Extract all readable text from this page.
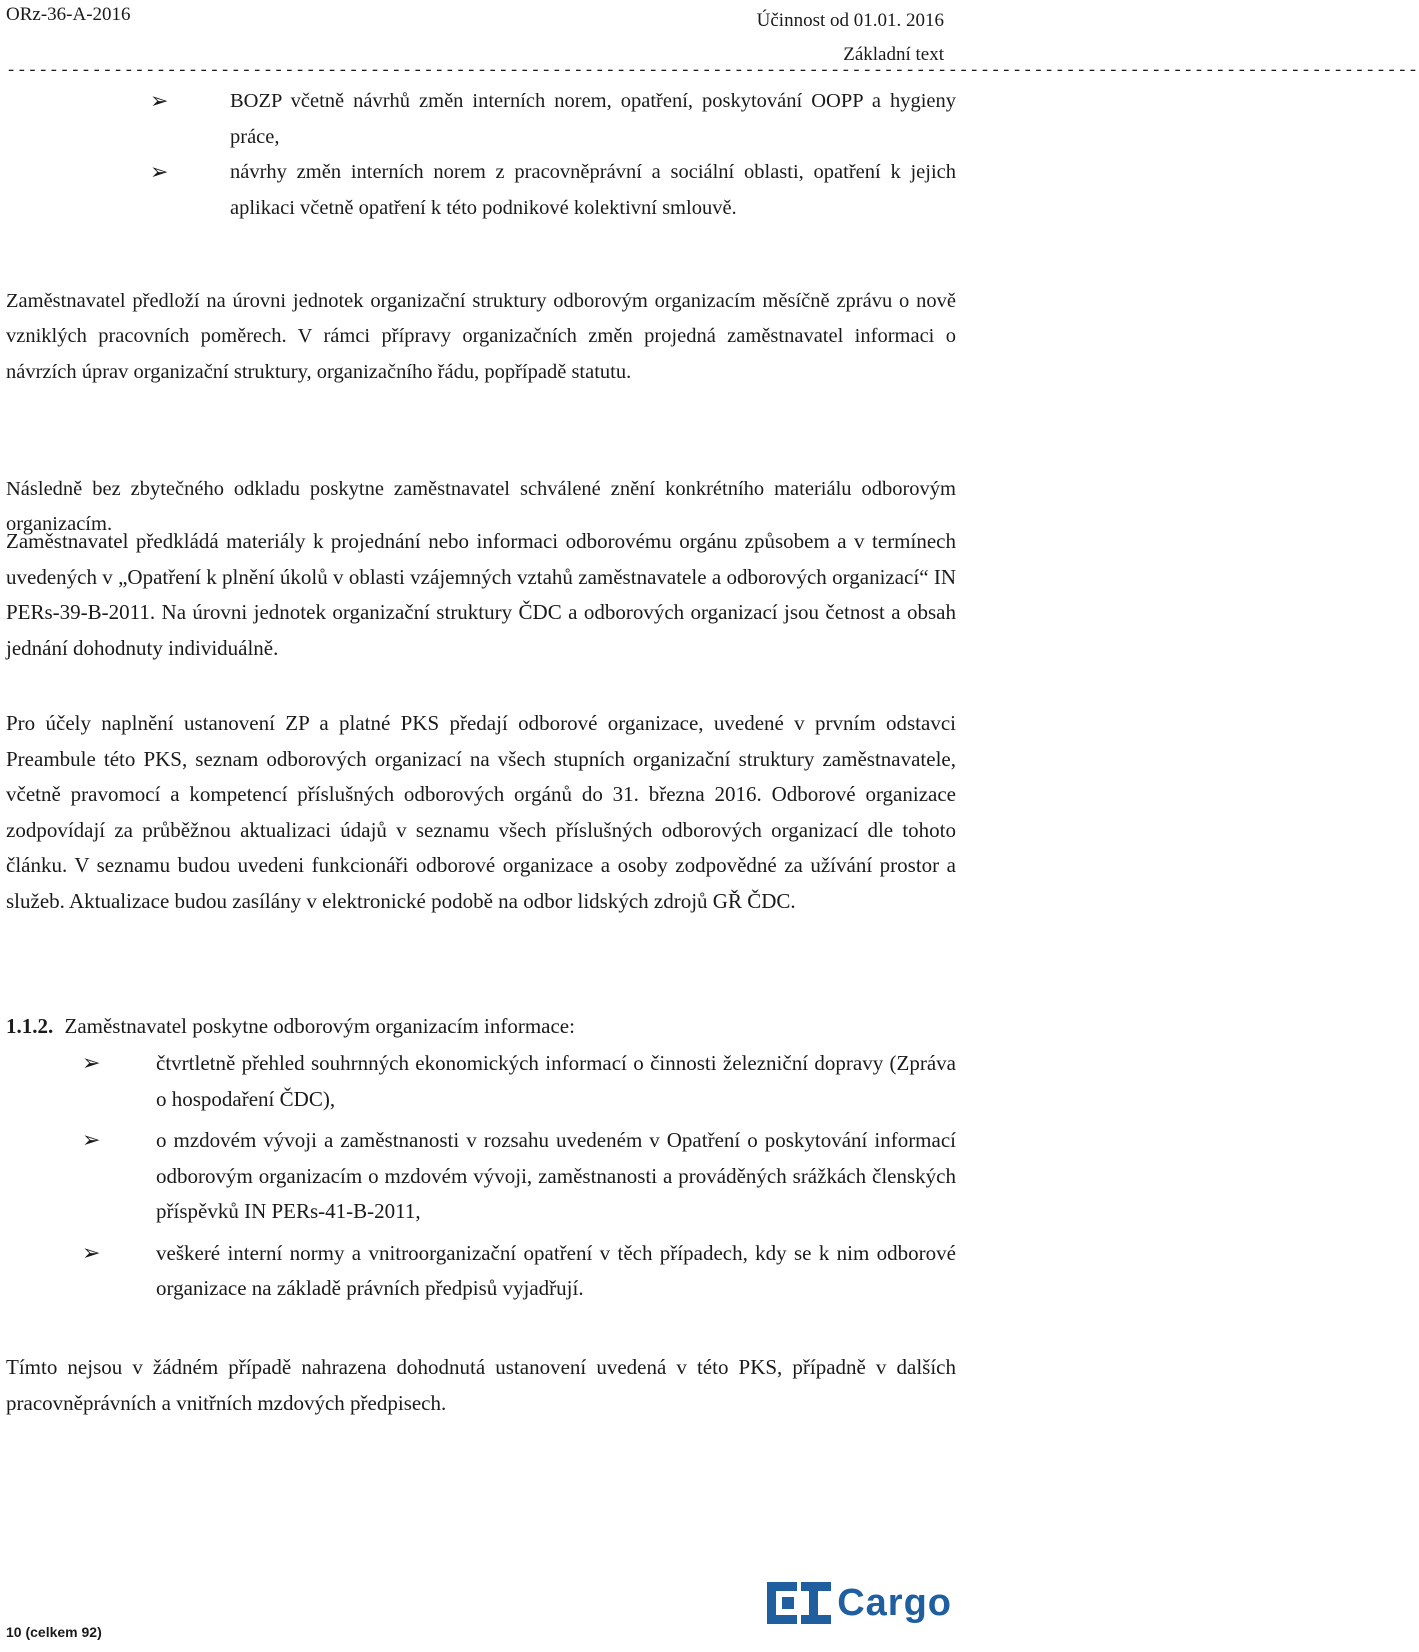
ORz-36-A-2016	Účinnost od 01.01. 2016
Základní text
------------------------------------------------------------------------------------------------------------------------------------
➢	BOZP včetně návrhů změn interních norem, opatření, poskytování OOPP a hygieny práce,
➢	návrhy změn interních norem z pracovněprávní a sociální oblasti, opatření k jejich aplikaci včetně opatření k této podnikové kolektivní smlouvě.

Zaměstnavatel předloží na úrovni jednotek organizační struktury odborovým organizacím měsíčně zprávu o nově vzniklých pracovních poměrech. V rámci přípravy organizačních změn projedná zaměstnavatel informaci o návrzích úprav organizační struktury, organizačního řádu, popřípadě statutu.

Následně bez zbytečného odkladu poskytne zaměstnavatel schválené znění konkrétního materiálu odborovým organizacím.

Zaměstnavatel předkládá materiály k projednání nebo informaci odborovému orgánu způsobem a v termínech uvedených v „Opatření k plnění úkolů v oblasti vzájemných vztahů zaměstnavatele a odborových organizací“ IN PERs-39-B-2011. Na úrovni jednotek organizační struktury ČDC a odborových organizací jsou četnost a obsah jednání dohodnuty individuálně.

Pro účely naplnění ustanovení ZP a platné PKS předají odborové organizace, uvedené v prvním odstavci Preambule této PKS, seznam odborových organizací na všech stupních organizační struktury zaměstnavatele, včetně pravomocí a kompetencí příslušných odborových orgánů do 31. března 2016. Odborové organizace zodpovídají za průběžnou aktualizaci údajů v seznamu všech příslušných odborových organizací dle tohoto článku. V seznamu budou uvedeni funkcionáři odborové organizace a osoby zodpovědné za užívání prostor a služeb. Aktualizace budou zasílány v elektronické podobě na odbor lidských zdrojů GŘ ČDC.

1.1.2. Zaměstnavatel poskytne odborovým organizacím informace:
➢	čtvrtletně přehled souhrnných ekonomických informací o činnosti železniční dopravy (Zpráva o hospodaření ČDC),
➢	o mzdovém vývoji a zaměstnanosti v rozsahu uvedeném v Opatření o poskytování informací odborovým organizacím o mzdovém vývoji, zaměstnanosti a prováděných srážkách členských příspěvků IN PERs-41-B-2011,
➢	veškeré interní normy a vnitroorganizační opatření v těch případech, kdy se k nim odborové organizace na základě právních předpisů vyjadřují.

Tímto nejsou v žádném případě nahrazena dohodnutá ustanovení uvedená v této PKS, případně v dalších pracovněprávních a vnitřních mzdových předpisech.

10 (celkem 92)
Cargo
